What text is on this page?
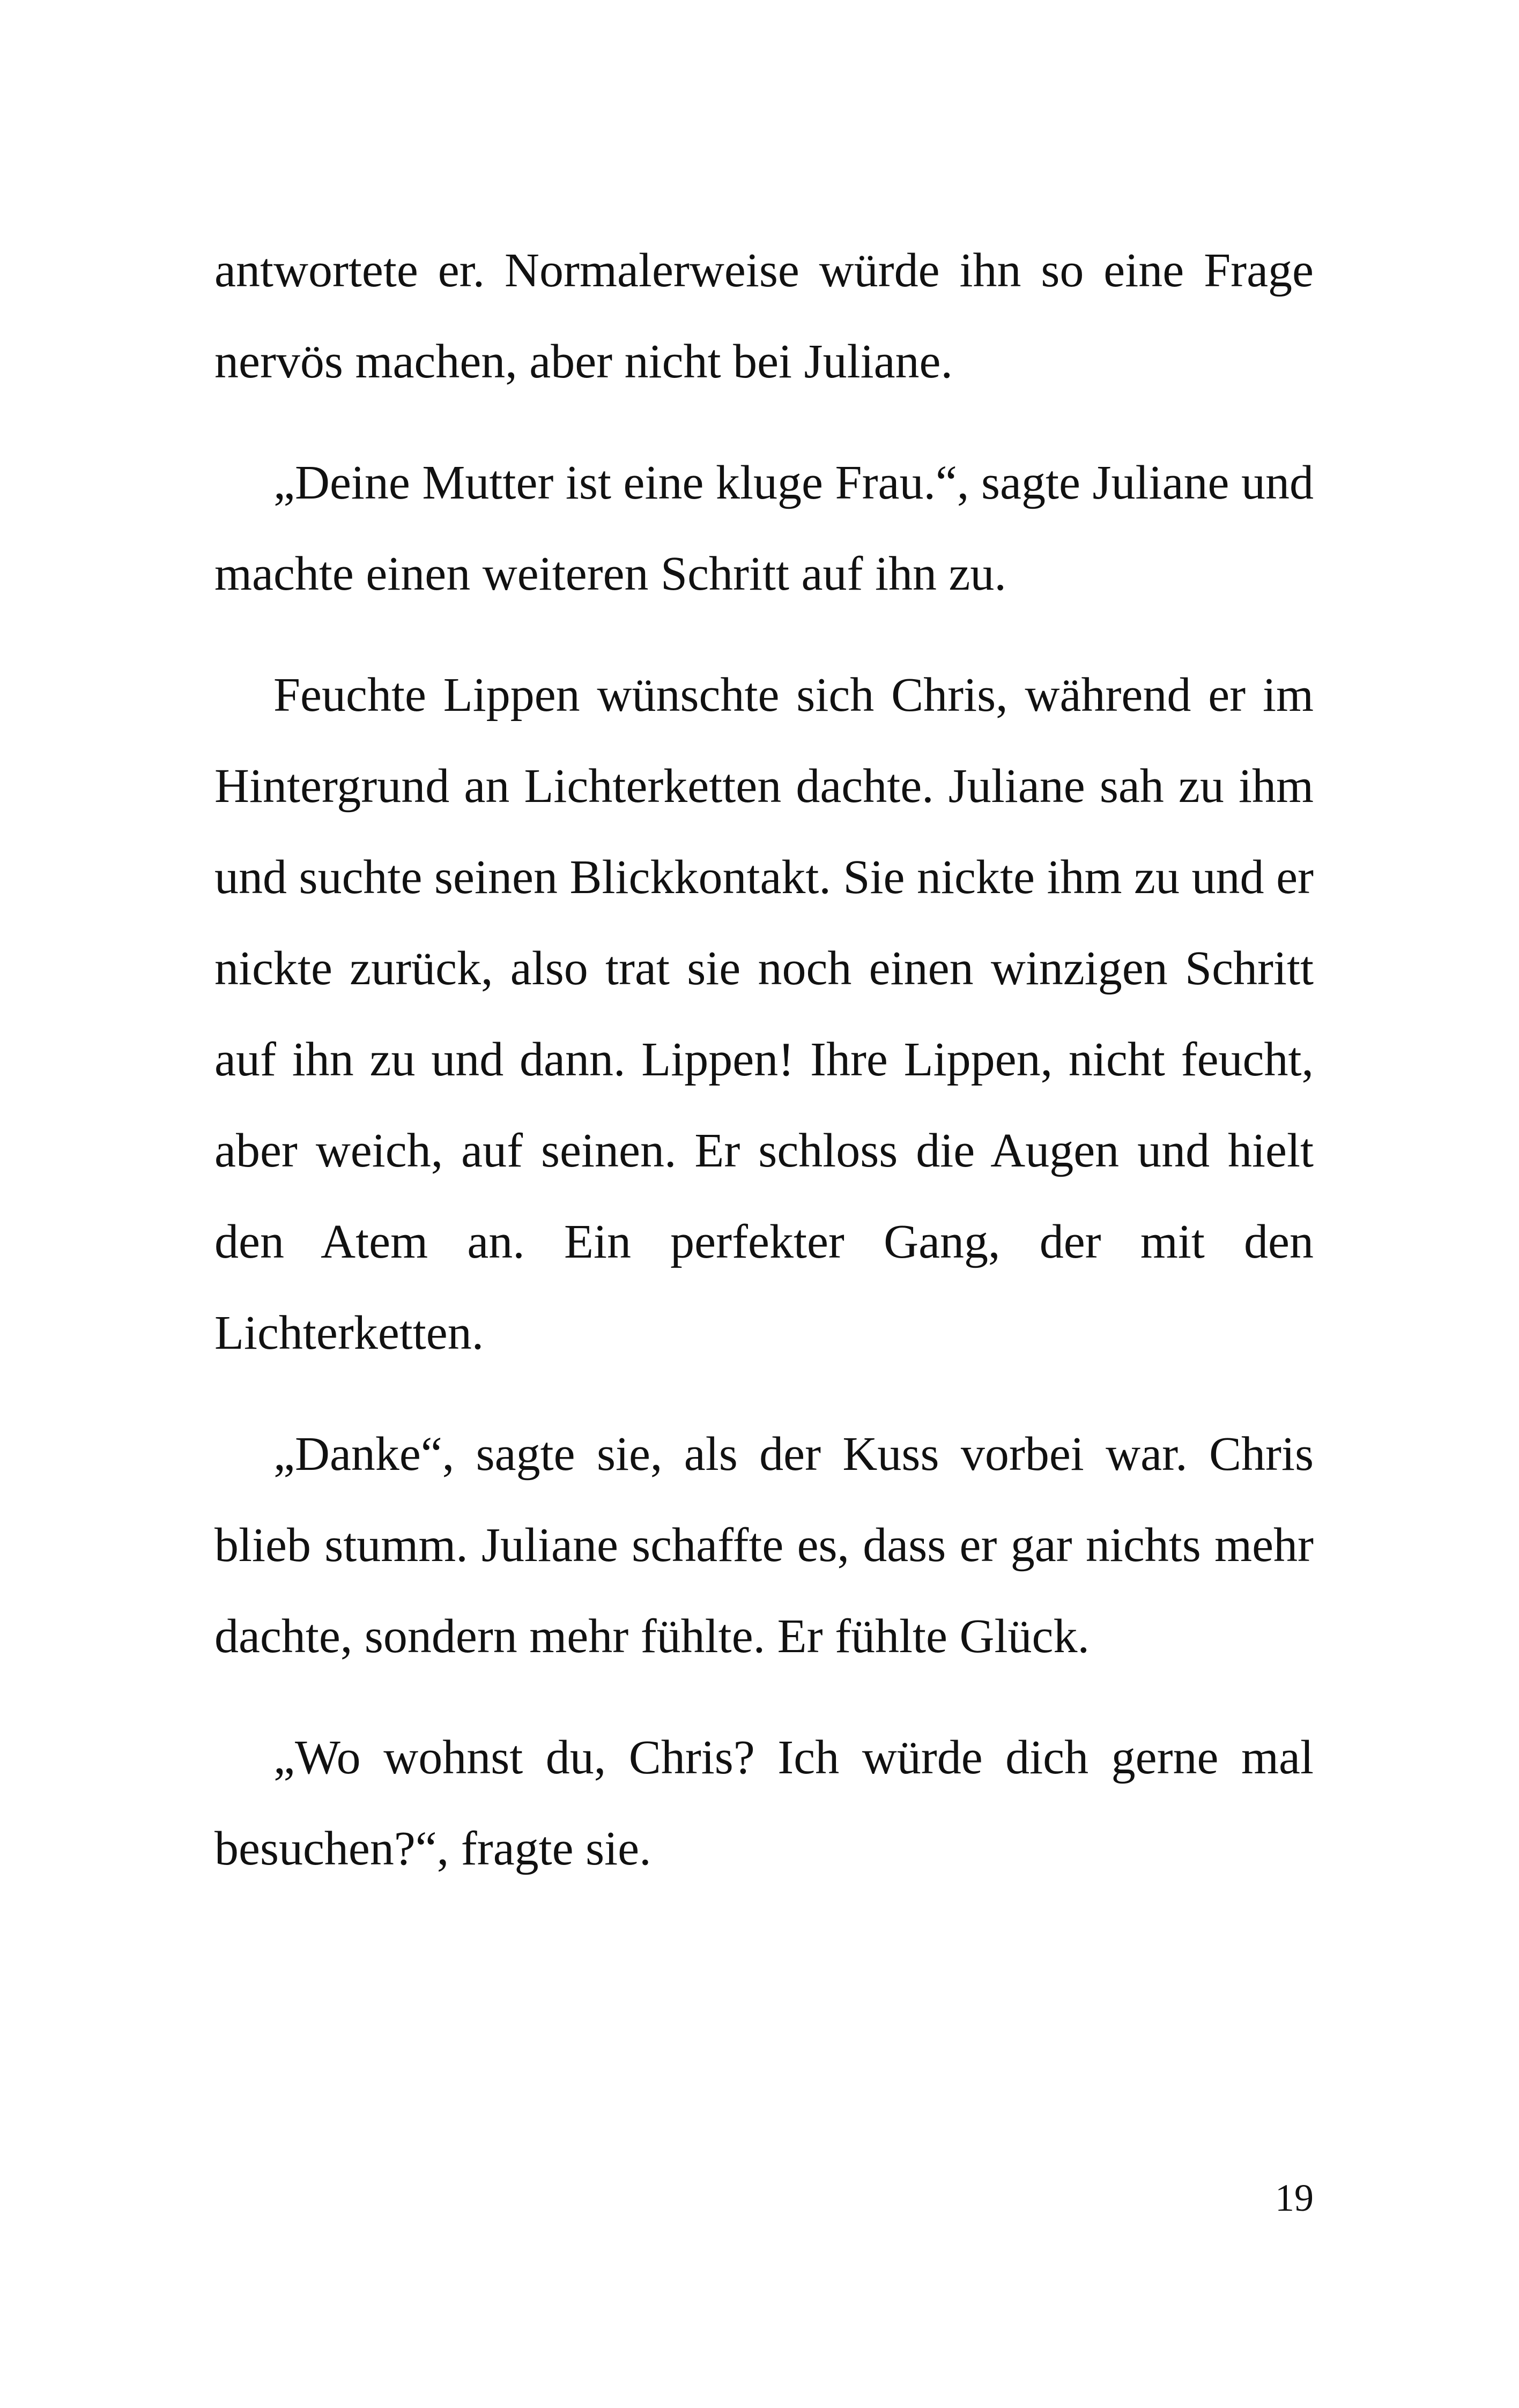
antwortete er. Normalerweise würde ihn so eine Frage nervös machen, aber nicht bei Juliane.

„Deine Mutter ist eine kluge Frau.“, sagte Juliane und machte einen weiteren Schritt auf ihn zu.

Feuchte Lippen wünschte sich Chris, während er im Hintergrund an Lichterketten dachte. Juliane sah zu ihm und suchte seinen Blickkontakt. Sie nickte ihm zu und er nickte zurück, also trat sie noch einen winzigen Schritt auf ihn zu und dann. Lippen! Ihre Lippen, nicht feucht, aber weich, auf seinen. Er schloss die Augen und hielt den Atem an. Ein perfekter Gang, der mit den Lichterketten.

„Danke“, sagte sie, als der Kuss vorbei war. Chris blieb stumm. Juliane schaffte es, dass er gar nichts mehr dachte, sondern mehr fühlte. Er fühlte Glück.

„Wo wohnst du, Chris? Ich würde dich gerne mal besuchen?“, fragte sie.

19
